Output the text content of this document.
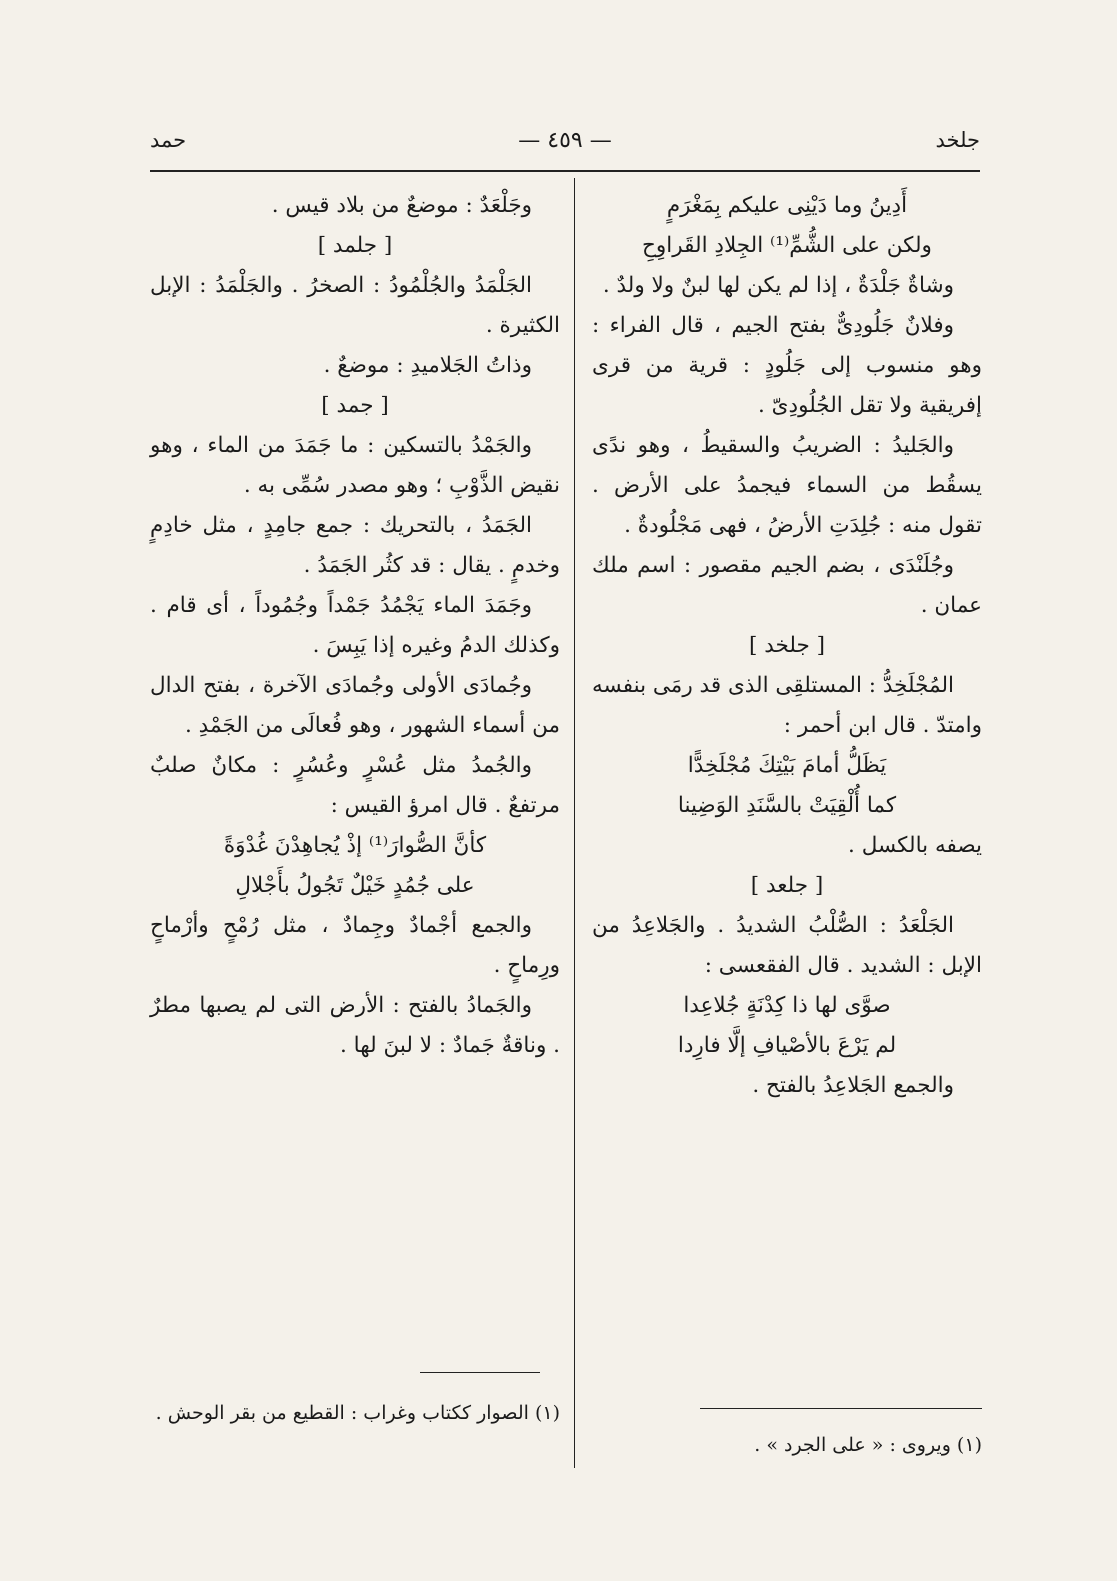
جلخد
— ٤٥٩ —
حمد

أَدِينُ وما دَيْنِى عليكم بِمَغْرَمٍ

ولكن على الشُّمِّ⁽¹⁾ الجِلادِ القَراوِحِ

وشاةٌ جَلْدَةٌ ، إذا لم يكن لها لبنٌ ولا ولدٌ .

وفلانٌ جَلُودِىٌّ بفتح الجيم ، قال الفراء : وهو منسوب إلى جَلُودٍ : قرية من قرى إفريقية ولا تقل الجُلُودِىّ .

والجَليدُ : الضريبُ والسقيطُ ، وهو ندًى يسقُط من السماء فيجمدُ على الأرض . تقول منه : جُلِدَتِ الأرضُ ، فهى مَجْلُودةٌ .

وجُلَنْدَى ، بضم الجيم مقصور : اسم ملك عمان .

[ جلخد ]

المُجْلَخِدُّ : المستلقِى الذى قد رمَى بنفسه وامتدّ . قال ابن أحمر :

يَظَلُّ أمامَ بَيْتِكَ مُجْلَخِدًّا

كما أُلْقِيَتْ بالسَّنَدِ الوَضِينا

يصفه بالكسل .

[ جلعد ]

الجَلْعَدُ : الصُّلْبُ الشديدُ . والجَلاعِدُ من الإبل : الشديد . قال الفقعسى :

صوَّى لها ذا كِدْنَةٍ جُلاعِدا

لم يَرْعَ بالأصْيافِ إلَّا فارِدا

والجمع الجَلاعِدُ بالفتح .

(١) ويروى : « على الجرد » .

وجَلْعَدٌ : موضعٌ من بلاد قيس .

[ جلمد ]

الجَلْمَدُ والجُلْمُودُ : الصخرُ . والجَلْمَدُ : الإبل الكثيرة .

وذاتُ الجَلاميدِ : موضعٌ .

[ جمد ]

والجَمْدُ بالتسكين : ما جَمَدَ من الماء ، وهو نقيض الذَّوْبِ ؛ وهو مصدر سُمِّى به .

الجَمَدُ ، بالتحريك : جمع جامِدٍ ، مثل خادِمٍ وخدمٍ . يقال : قد كثُر الجَمَدُ .

وجَمَدَ الماء يَجْمُدُ جَمْداً وجُمُوداً ، أى قام . وكذلك الدمُ وغيره إذا يَبِسَ .

وجُمادَى الأولى وجُمادَى الآخرة ، بفتح الدال من أسماء الشهور ، وهو فُعالَى من الجَمْدِ .

والجُمدُ مثل عُسْرٍ وعُسُرٍ : مكانٌ صلبٌ مرتفعٌ . قال امرؤ القيس :

كأنَّ الصُّوارَ⁽¹⁾ إذْ يُجاهِدْنَ غُدْوَةً

على جُمُدٍ خَيْلٌ تَجُولُ بأَجْلالِ

والجمع أجْمادٌ وجِمادٌ ، مثل رُمْحٍ وأرْماحٍ ورِماحٍ .

والجَمادُ بالفتح : الأرض التى لم يصبها مطرٌ . وناقةٌ جَمادٌ : لا لبنَ لها .

(١) الصوار ككتاب وغراب : القطيع من بقر الوحش .
